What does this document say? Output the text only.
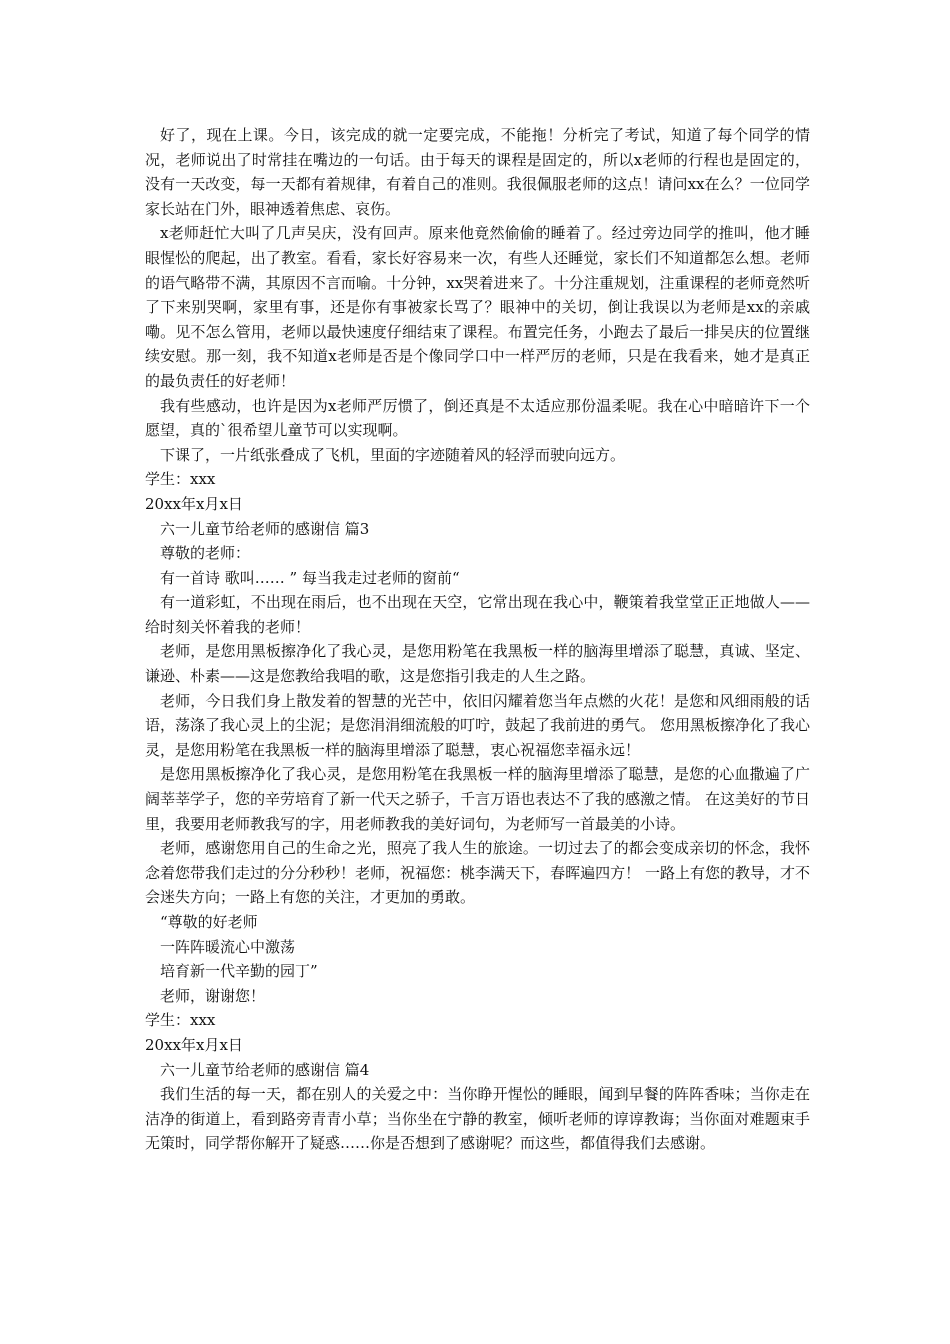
好了，现在上课。今日，该完成的就一定要完成，不能拖！分析完了考试，知道了每个同学的情况，老师说出了时常挂在嘴边的一句话。由于每天的课程是固定的，所以x老师的行程也是固定的，没有一天改变，每一天都有着规律，有着自己的准则。我很佩服老师的这点！请问xx在么？一位同学家长站在门外，眼神透着焦虑、哀伤。

x老师赶忙大叫了几声吴庆，没有回声。原来他竟然偷偷的睡着了。经过旁边同学的推叫，他才睡眼惺忪的爬起，出了教室。看看，家长好容易来一次，有些人还睡觉，家长们不知道都怎么想。老师的语气略带不满，其原因不言而喻。十分钟，xx哭着进来了。十分注重规划，注重课程的老师竟然听了下来别哭啊，家里有事，还是你有事被家长骂了？眼神中的关切，倒让我误以为老师是xx的亲戚嘞。见不怎么管用，老师以最快速度仔细结束了课程。布置完任务，小跑去了最后一排吴庆的位置继续安慰。那一刻，我不知道x老师是否是个像同学口中一样严厉的老师，只是在我看来，她才是真正的最负责任的好老师！

我有些感动，也许是因为x老师严厉惯了，倒还真是不太适应那份温柔呢。我在心中暗暗许下一个愿望，真的`很希望儿童节可以实现啊。

下课了，一片纸张叠成了飞机，里面的字迹随着风的轻浮而驶向远方。

学生：xxx

20xx年x月x日

六一儿童节给老师的感谢信 篇3

尊敬的老师：

有一首诗 歌叫…… ” 每当我走过老师的窗前“

有一道彩虹，不出现在雨后，也不出现在天空，它常出现在我心中，鞭策着我堂堂正正地做人——给时刻关怀着我的老师！

老师，是您用黑板擦净化了我心灵，是您用粉笔在我黑板一样的脑海里增添了聪慧，真诚、坚定、谦逊、朴素——这是您教给我唱的歌，这是您指引我走的人生之路。

老师，今日我们身上散发着的智慧的光芒中，依旧闪耀着您当年点燃的火花！是您和风细雨般的话语，荡涤了我心灵上的尘泥；是您涓涓细流般的叮咛，鼓起了我前进的勇气。 您用黑板擦净化了我心灵，是您用粉笔在我黑板一样的脑海里增添了聪慧，衷心祝福您幸福永远！

是您用黑板擦净化了我心灵，是您用粉笔在我黑板一样的脑海里增添了聪慧，是您的心血撒遍了广阔莘莘学子，您的辛劳培育了新一代天之骄子，千言万语也表达不了我的感激之情。 在这美好的节日里，我要用老师教我写的字，用老师教我的美好词句，为老师写一首最美的小诗。

老师，感谢您用自己的生命之光，照亮了我人生的旅途。一切过去了的都会变成亲切的怀念，我怀念着您带我们走过的分分秒秒！老师，祝福您：桃李满天下，春晖遍四方！ 一路上有您的教导，才不会迷失方向；一路上有您的关注，才更加的勇敢。

“尊敬的好老师

一阵阵暖流心中激荡

培育新一代辛勤的园丁”

老师，谢谢您！

学生：xxx

20xx年x月x日

六一儿童节给老师的感谢信 篇4

我们生活的每一天，都在别人的关爱之中：当你睁开惺忪的睡眼，闻到早餐的阵阵香味；当你走在洁净的街道上，看到路旁青青小草；当你坐在宁静的教室，倾听老师的谆谆教诲；当你面对难题束手无策时，同学帮你解开了疑惑……你是否想到了感谢呢？而这些，都值得我们去感谢。
